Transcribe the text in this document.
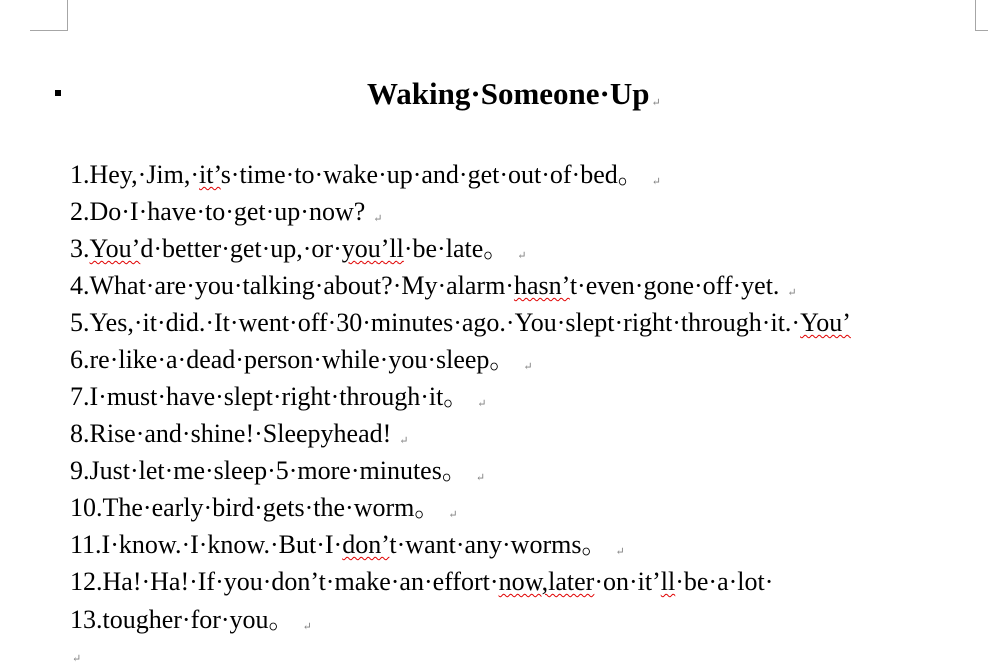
Waking·Someone·Up ↵
1.Hey,·Jim,·it’s·time·to·wake·up·and·get·out·of·bed。 ↵
2.Do·I·have·to·get·up·now? ↵
3.You’d·better·get·up,·or·you’ll·be·late。 ↵
4.What·are·you·talking·about?·My·alarm·hasn’t·even·gone·off·yet. ↵
5.Yes,·it·did.·It·went·off·30·minutes·ago.·You·slept·right·through·it.·You’
6.re·like·a·dead·person·while·you·sleep。 ↵
7.I·must·have·slept·right·through·it。 ↵
8.Rise·and·shine!·Sleepyhead! ↵
9.Just·let·me·sleep·5·more·minutes。 ↵
10.The·early·bird·gets·the·worm。 ↵
11.I·know.·I·know.·But·I·don’t·want·any·worms。 ↵
12.Ha!·Ha!·If·you·don’t·make·an·effort·now,later·on·it’ll·be·a·lot·
13.tougher·for·you。 ↵
↵
